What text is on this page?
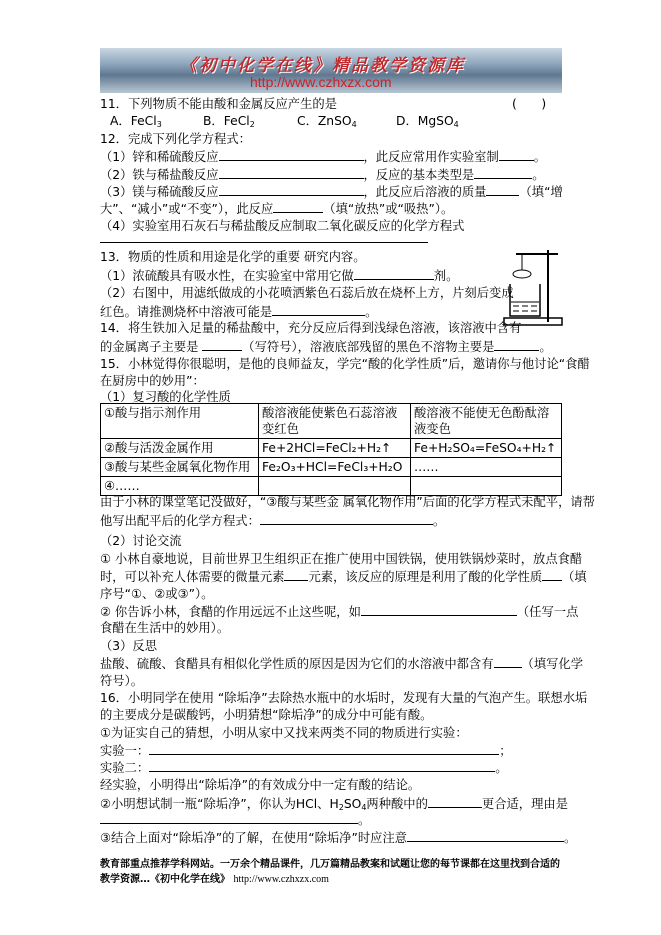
《初中化学在线》精品教学资源库
http://www.czhxzx.com
11．下列物质不能由酸和金属反应产生的是	(　　)
A．FeCl$_3$	B．FeCl$_2$	C．ZnSO$_4$	D．MgSO$_4$
12．完成下列化学方程式：
（1）锌和稀硫酸反应	，此反应常用作实验室制	。
（2）铁与稀盐酸反应	，反应的基本类型是	。
（3）镁与稀硫酸反应	，此反应后溶液的质量	（填“增
大”、“减小”或“不变”），此反应	（填“放热”或“吸热”）。
（4）实验室用石灰石与稀盐酸反应制取二氧化碳反应的化学方程式
13．物质的性质和用途是化学的重要 研究内容。
（1）浓硫酸具有吸水性，在实验室中常用它做	剂。
（2）右图中，用滤纸做成的小花喷洒紫色石蕊后放在烧杯上方，片刻后变成
红色。请推测烧杯中溶液可能是	。
14．将生铁加入足量的稀盐酸中，充分反应后得到浅绿色溶液，该溶液中含有
的金属离子主要是	（写符号），溶液底部残留的黑色不溶物主要是	。
15．小林觉得你很聪明，是他的良师益友，学完“酸的化学性质”后，邀请你与他讨论“食醋
在厨房中的妙用”：
（1）复习酸的化学性质
①酸与指示剂作用	酸溶液能使紫色石蕊溶液变红色	酸溶液不能使无色酚酞溶液变色
②酸与活泼金属作用	Fe+2HCl=FeCl₂+H₂↑	Fe+H₂SO₄=FeSO₄+H₂↑
③酸与某些金属氧化物作用	Fe₂O₃+HCl=FeCl₃+H₂O	……
④……		
由于小林的课堂笔记没做好，“③酸与某些金 属氧化物作用”后面的化学方程式未配平，请帮
他写出配平后的化学方程式：	。
（2）讨论交流
① 小林自豪地说，目前世界卫生组织正在推广使用中国铁锅，使用铁锅炒菜时，放点食醋
时，可以补充人体需要的微量元素 元素，该反应的原理是利用了酸的化学性质 （填
序号“①、②或③”）。
② 你告诉小林，食醋的作用远远不止这些呢，如	（任写一点
食醋在生活中的妙用）。
（3）反思
盐酸、硫酸、食醋具有相似化学性质的原因是因为它们的水溶液中都含有 （填写化学
符号）。
16．小明同学在使用 “除垢净”去除热水瓶中的水垢时，发现有大量的气泡产生。联想水垢
的主要成分是碳酸钙，小明猜想“除垢净”的成分中可能有酸。
①为证实自己的猜想，小明从家中又找来两类不同的物质进行实验：
实验一：	；
实验二：	。
经实验，小明得出“除垢净”的有效成分中一定有酸的结论。
②小明想试制一瓶“除垢净”，你认为HCl、$H_2SO_4$两种酸中的	更合适，理由是
。
③结合上面对“除垢净”的了解，在使用“除垢净”时应注意	。
教育部重点推荐学科网站。一万余个精品课件，几万篇精品教案和试题让您的每节课都在这里找到合适的
教学资源…《初中化学在线》 http://www.czhxzx.com
